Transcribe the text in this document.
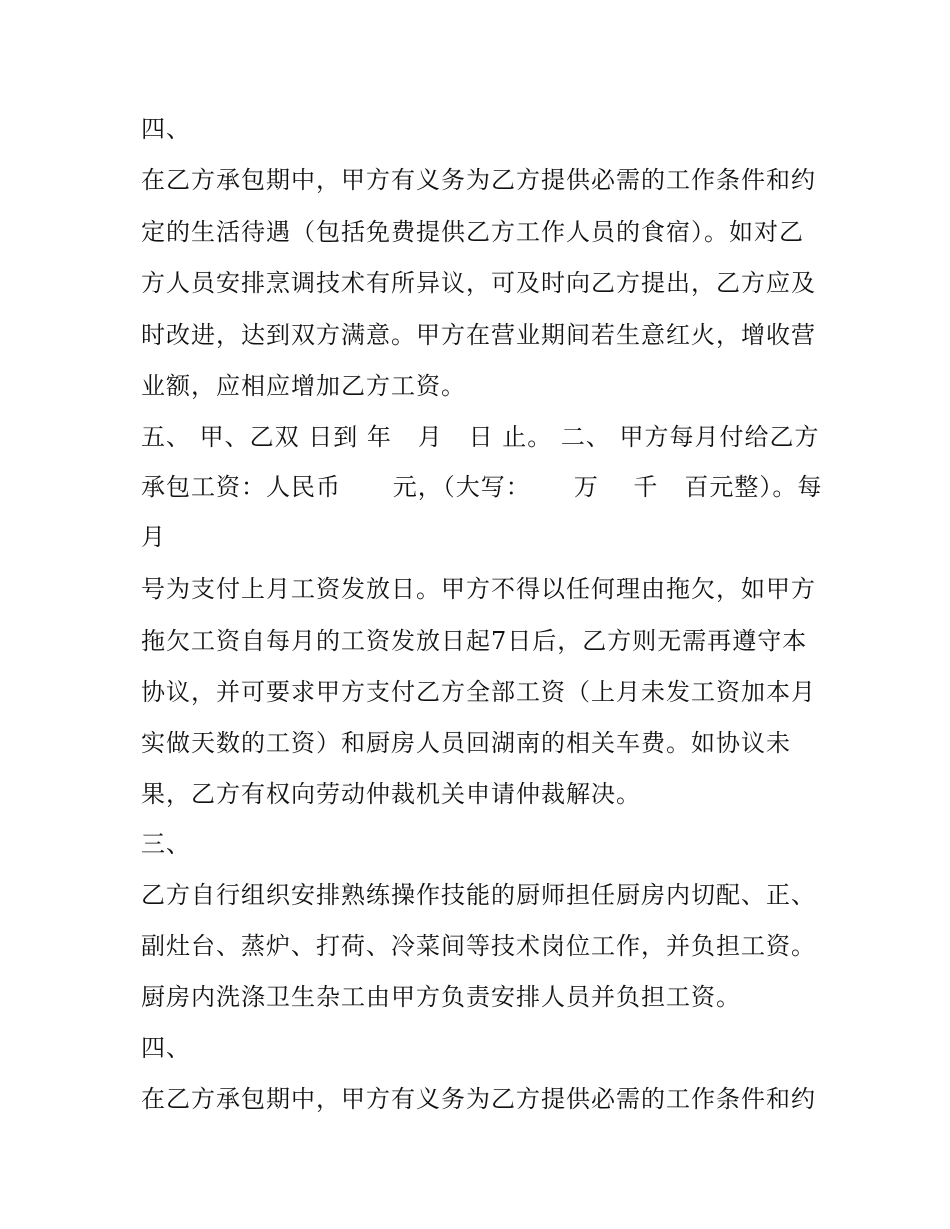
四、
在乙方承包期中，甲方有义务为乙方提供必需的工作条件和约
定的生活待遇（包括免费提供乙方工作人员的食宿）。如对乙
方人员安排烹调技术有所异议，可及时向乙方提出，乙方应及
时改进，达到双方满意。甲方在营业期间若生意红火，增收营
业额，应相应增加乙方工资。
五、 甲、乙双 日到 年   月   日 止。 二、 甲方每月付给乙方
承包工资：人民币      元，（大写：     万    千   百元整）。每
月
号为支付上月工资发放日。甲方不得以任何理由拖欠，如甲方
拖欠工资自每月的工资发放日起7日后，乙方则无需再遵守本
协议，并可要求甲方支付乙方全部工资（上月未发工资加本月
实做天数的工资）和厨房人员回湖南的相关车费。如协议未
果，乙方有权向劳动仲裁机关申请仲裁解决。
三、
乙方自行组织安排熟练操作技能的厨师担任厨房内切配、正、
副灶台、蒸炉、打荷、冷菜间等技术岗位工作，并负担工资。
厨房内洗涤卫生杂工由甲方负责安排人员并负担工资。
四、
在乙方承包期中，甲方有义务为乙方提供必需的工作条件和约
